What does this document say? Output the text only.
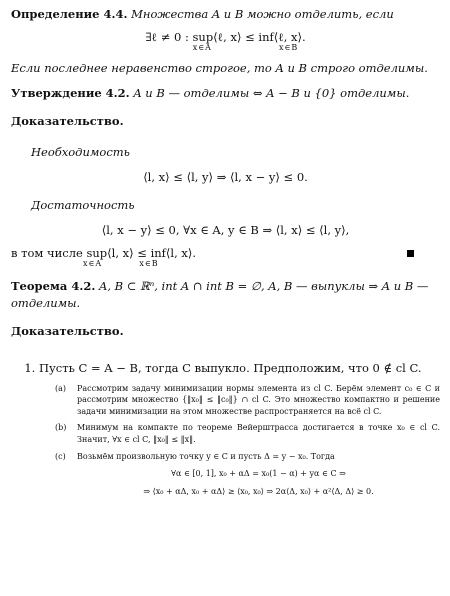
Определение 4.4. Множества A и B можно отделить, если

∃ℓ ≠ 0 : sup⟨ℓ, x⟩ ≤ inf⟨ℓ, x⟩.
x∈A	x∈B

Если последнее неравенство строгое, то A и B строго отделимы.

Утверждение 4.2. A и B — отделимы ⇔ A − B и {0} отделимы.

Доказательство.

Необходимость

⟨l, x⟩ ≤ ⟨l, y⟩ ⇒ ⟨l, x − y⟩ ≤ 0.

Достаточность

⟨l, x − y⟩ ≤ 0, ∀x ∈ A, y ∈ B ⇒ ⟨l, x⟩ ≤ ⟨l, y⟩,
в том числе sup⟨l, x⟩ ≤ inf⟨l, x⟩.
x∈A	x∈B

Теорема 4.2. A, B ⊂ ℝⁿ, int A ∩ int B = ∅, A, B — выпуклы ⇒ A и B — отделимы.

Доказательство.

1. Пусть C = A − B, тогда C выпукло. Предположим, что 0 ∉ cl C.
(a) Рассмотрим задачу минимизации нормы элемента из cl C. Берём элемент c₀ ∈ C и рассмотрим множество {‖x₀‖ ≤ ‖c₀‖} ∩ cl C. Это множество компактно и решение задачи минимизации на этом множестве распространяется на всё cl C.
(b) Минимум на компакте по теореме Вейерштрасса достигается в точке x₀ ∈ cl C. Значит, ∀x ∈ cl C, ‖x₀‖ ≤ ‖x‖.
(c) Возьмём произвольную точку y ∈ C и пусть Δ = y − x₀. Тогда
∀α ∈ [0, 1], x₀ + αΔ = x₀(1 − α) + yα ∈ C ⇒
⇒ ⟨x₀ + αΔ, x₀ + αΔ⟩ ≥ ⟨x₀, x₀⟩ ⇒ 2α⟨Δ, x₀⟩ + α²⟨Δ, Δ⟩ ≥ 0.
